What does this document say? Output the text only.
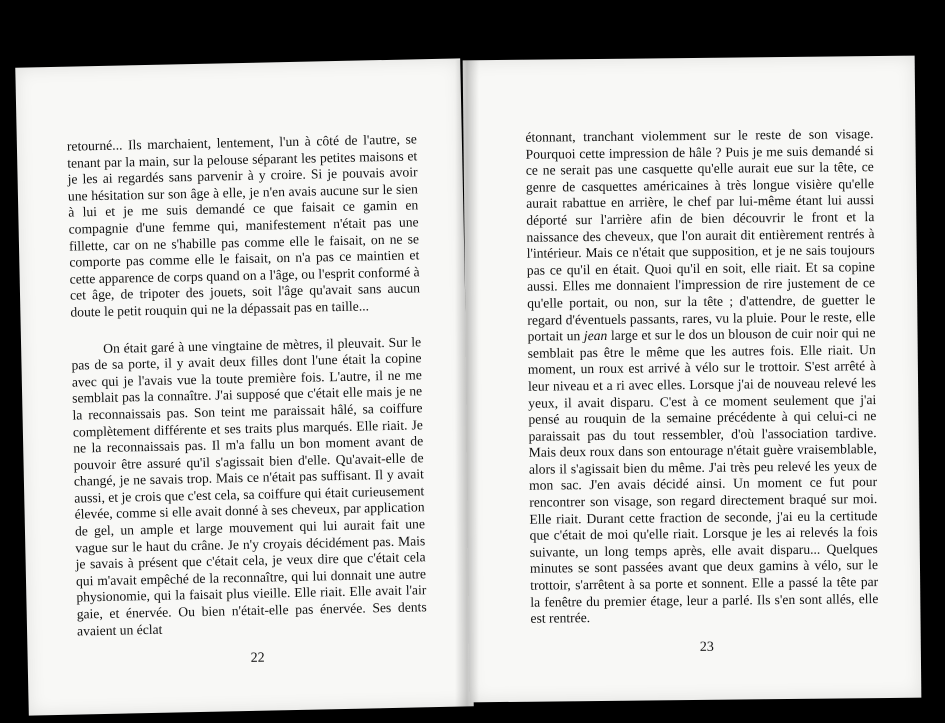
retourné... Ils marchaient, lentement, l'un à côté de l'autre, se tenant par la main, sur la pelouse séparant les petites maisons et je les ai regardés sans parvenir à y croire. Si je pouvais avoir une hésitation sur son âge à elle, je n'en avais aucune sur le sien à lui et je me suis demandé ce que faisait ce gamin en compagnie d'une femme qui, manifestement n'était pas une fillette, car on ne s'habille pas comme elle le faisait, on ne se comporte pas comme elle le faisait, on n'a pas ce maintien et cette apparence de corps quand on a l'âge, ou l'esprit conformé à cet âge, de tripoter des jouets, soit l'âge qu'avait sans aucun doute le petit rouquin qui ne la dépassait pas en taille...

On était garé à une vingtaine de mètres, il pleuvait. Sur le pas de sa porte, il y avait deux filles dont l'une était la copine avec qui je l'avais vue la toute première fois. L'autre, il ne me semblait pas la connaître. J'ai supposé que c'était elle mais je ne la reconnaissais pas. Son teint me paraissait hâlé, sa coiffure complètement différente et ses traits plus marqués. Elle riait. Je ne la reconnaissais pas. Il m'a fallu un bon moment avant de pouvoir être assuré qu'il s'agissait bien d'elle. Qu'avait-elle de changé, je ne savais trop. Mais ce n'était pas suffisant. Il y avait aussi, et je crois que c'est cela, sa coiffure qui était curieusement élevée, comme si elle avait donné à ses cheveux, par application de gel, un ample et large mouvement qui lui aurait fait une vague sur le haut du crâne. Je n'y croyais décidément pas. Mais je savais à présent que c'était cela, je veux dire que c'était cela qui m'avait empêché de la reconnaître, qui lui donnait une autre physionomie, qui la faisait plus vieille. Elle riait. Elle avait l'air gaie, et énervée. Ou bien n'était-elle pas énervée. Ses dents avaient un éclat

22

étonnant, tranchant violemment sur le reste de son visage. Pourquoi cette impression de hâle ? Puis je me suis demandé si ce ne serait pas une casquette qu'elle aurait eue sur la tête, ce genre de casquettes américaines à très longue visière qu'elle aurait rabattue en arrière, le chef par lui-même étant lui aussi déporté sur l'arrière afin de bien découvrir le front et la naissance des cheveux, que l'on aurait dit entièrement rentrés à l'intérieur. Mais ce n'était que supposition, et je ne sais toujours pas ce qu'il en était. Quoi qu'il en soit, elle riait. Et sa copine aussi. Elles me donnaient l'impression de rire justement de ce qu'elle portait, ou non, sur la tête ; d'attendre, de guetter le regard d'éventuels passants, rares, vu la pluie. Pour le reste, elle portait un jean large et sur le dos un blouson de cuir noir qui ne semblait pas être le même que les autres fois. Elle riait. Un moment, un roux est arrivé à vélo sur le trottoir. S'est arrêté à leur niveau et a ri avec elles. Lorsque j'ai de nouveau relevé les yeux, il avait disparu. C'est à ce moment seulement que j'ai pensé au rouquin de la semaine précédente à qui celui-ci ne paraissait pas du tout ressembler, d'où l'association tardive. Mais deux roux dans son entourage n'était guère vraisemblable, alors il s'agissait bien du même. J'ai très peu relevé les yeux de mon sac. J'en avais décidé ainsi. Un moment ce fut pour rencontrer son visage, son regard directement braqué sur moi. Elle riait. Durant cette fraction de seconde, j'ai eu la certitude que c'était de moi qu'elle riait. Lorsque je les ai relevés la fois suivante, un long temps après, elle avait disparu... Quelques minutes se sont passées avant que deux gamins à vélo, sur le trottoir, s'arrêtent à sa porte et sonnent. Elle a passé la tête par la fenêtre du premier étage, leur a parlé. Ils s'en sont allés, elle est rentrée.

23
